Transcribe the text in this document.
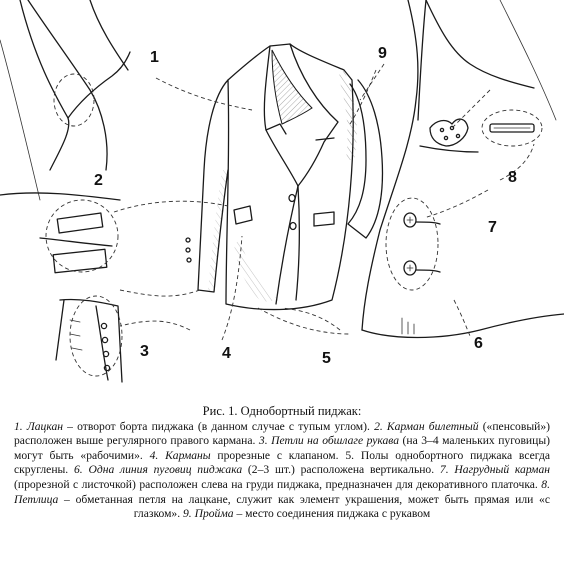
1
2
3	4	5
6
7
8
9
Рис. 1. Однобортный пиджак:
1. Лацкан – отворот борта пиджака (в данном случае с тупым углом). 2. Карман билетный («пенсовый») расположен выше регулярного правого кармана. 3. Петли на обшлаге рукава (на 3–4 маленьких пуговицы) могут быть «рабочими». 4. Карманы прорезные с клапаном. 5. Полы однобортного пиджака всегда скруглены. 6. Одна линия пуговиц пиджака (2–3 шт.) расположена вертикально. 7. Нагрудный карман (прорезной с листочкой) расположен слева на груди пиджака, предназначен для декоративного платочка. 8. Петлица – обметанная петля на лацкане, служит как элемент украшения, может быть прямая или «с глазком». 9. Пройма – место соединения пиджака с рукавом
